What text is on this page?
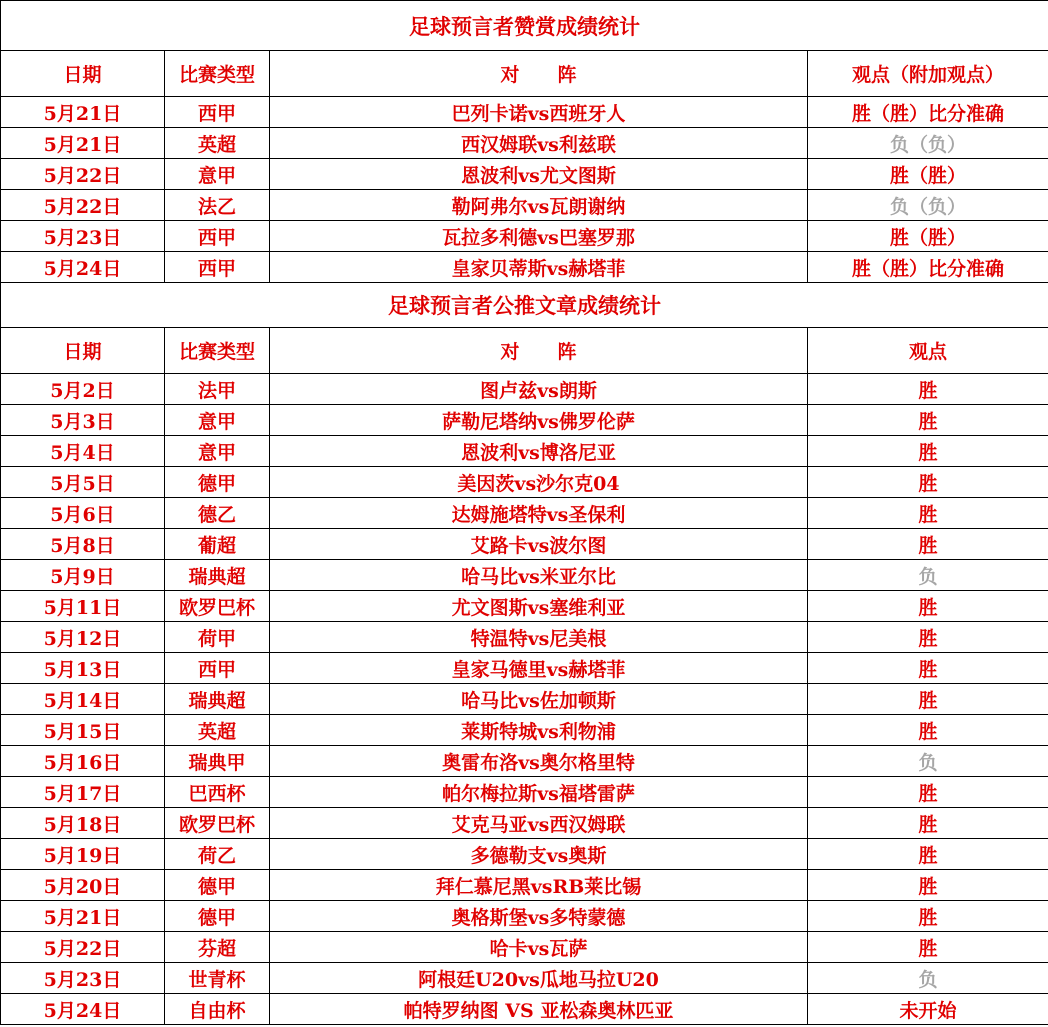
足球预言者赞赏成绩统计			
日期	比赛类型	对　　阵	观点（附加观点）
5月21日	西甲	巴列卡诺vs西班牙人	胜（胜）比分准确
5月21日	英超	西汉姆联vs利兹联	负（负）
5月22日	意甲	恩波利vs尤文图斯	胜（胜）
5月22日	法乙	勒阿弗尔vs瓦朗谢纳	负（负）
5月23日	西甲	瓦拉多利德vs巴塞罗那	胜（胜）
5月24日	西甲	皇家贝蒂斯vs赫塔菲	胜（胜）比分准确
足球预言者公推文章成绩统计			
日期	比赛类型	对　　阵	观点
5月2日	法甲	图卢兹vs朗斯	胜
5月3日	意甲	萨勒尼塔纳vs佛罗伦萨	胜
5月4日	意甲	恩波利vs博洛尼亚	胜
5月5日	德甲	美因茨vs沙尔克04	胜
5月6日	德乙	达姆施塔特vs圣保利	胜
5月8日	葡超	艾路卡vs波尔图	胜
5月9日	瑞典超	哈马比vs米亚尔比	负
5月11日	欧罗巴杯	尤文图斯vs塞维利亚	胜
5月12日	荷甲	特温特vs尼美根	胜
5月13日	西甲	皇家马德里vs赫塔菲	胜
5月14日	瑞典超	哈马比vs佐加顿斯	胜
5月15日	英超	莱斯特城vs利物浦	胜
5月16日	瑞典甲	奥雷布洛vs奥尔格里特	负
5月17日	巴西杯	帕尔梅拉斯vs福塔雷萨	胜
5月18日	欧罗巴杯	艾克马亚vs西汉姆联	胜
5月19日	荷乙	多德勒支vs奥斯	胜
5月20日	德甲	拜仁慕尼黑vsRB莱比锡	胜
5月21日	德甲	奥格斯堡vs多特蒙德	胜
5月22日	芬超	哈卡vs瓦萨	胜
5月23日	世青杯	阿根廷U20vs瓜地马拉U20	负
5月24日	自由杯	帕特罗纳图 VS 亚松森奥林匹亚	未开始
